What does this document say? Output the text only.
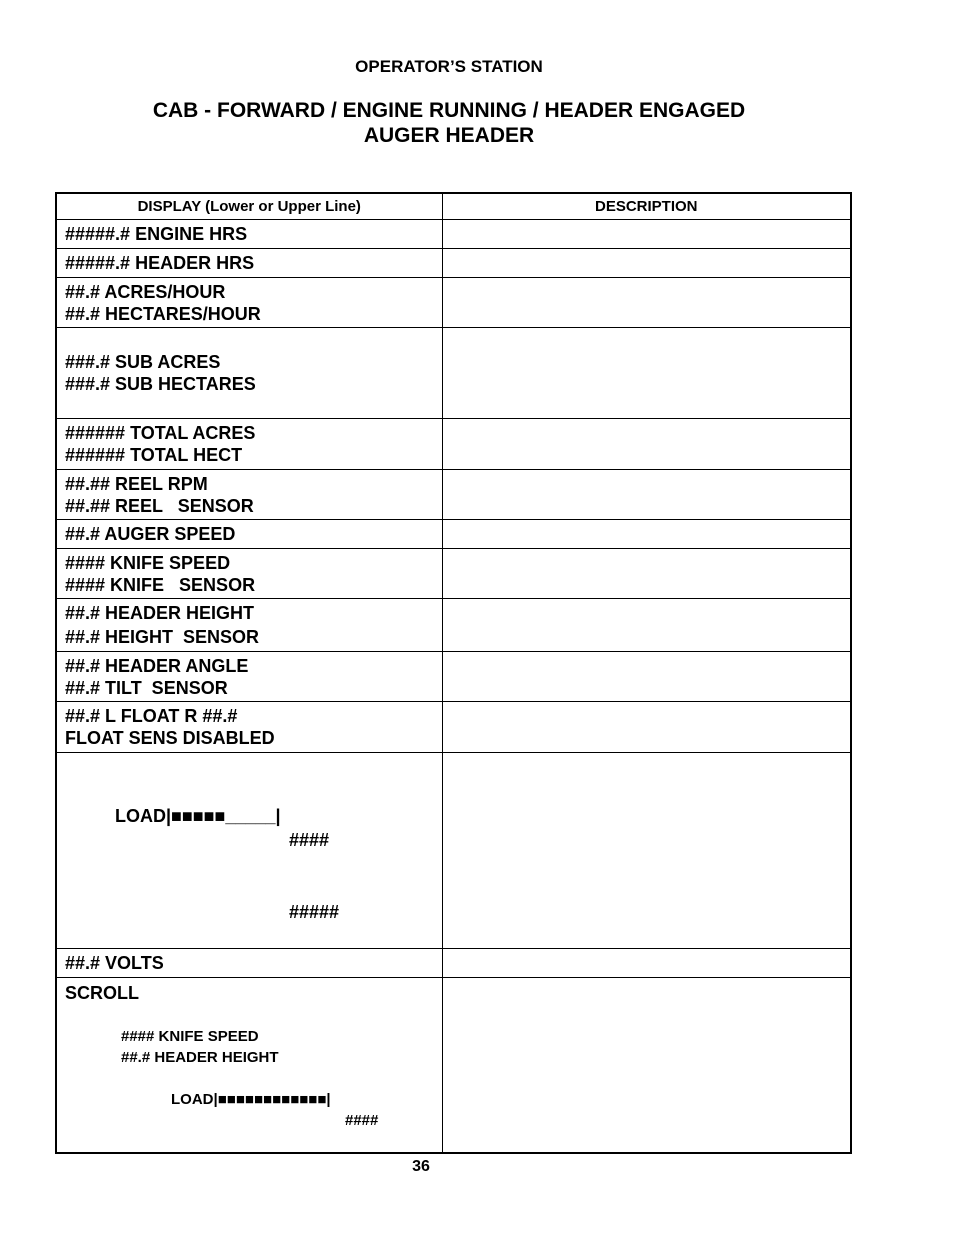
OPERATOR’S STATION
CAB - FORWARD / ENGINE RUNNING / HEADER ENGAGED
AUGER HEADER
DISPLAY (Lower or Upper Line)	DESCRIPTION

#####.# ENGINE HRS	

#####.# HEADER HRS	

##.# ACRES/HOUR
##.# HECTARES/HOUR	

###.# SUB ACRES
###.# SUB HECTARES	

###### TOTAL ACRES
###### TOTAL HECT	

##.## REEL RPM
##.## REEL   SENSOR	

##.# AUGER SPEED	

#### KNIFE SPEED
#### KNIFE   SENSOR	

##.# HEADER HEIGHT
##.# HEIGHT  SENSOR	

##.# HEADER ANGLE
##.# TILT  SENSOR	

##.# L FLOAT R ##.#
FLOAT SENS DISABLED	

LOAD|■■■■■_____|

####

#####	

##.# VOLTS	

SCROLL
#### KNIFE SPEED
##.# HEADER HEIGHT

LOAD|■■■■■■■■■■■■|

####	

36
